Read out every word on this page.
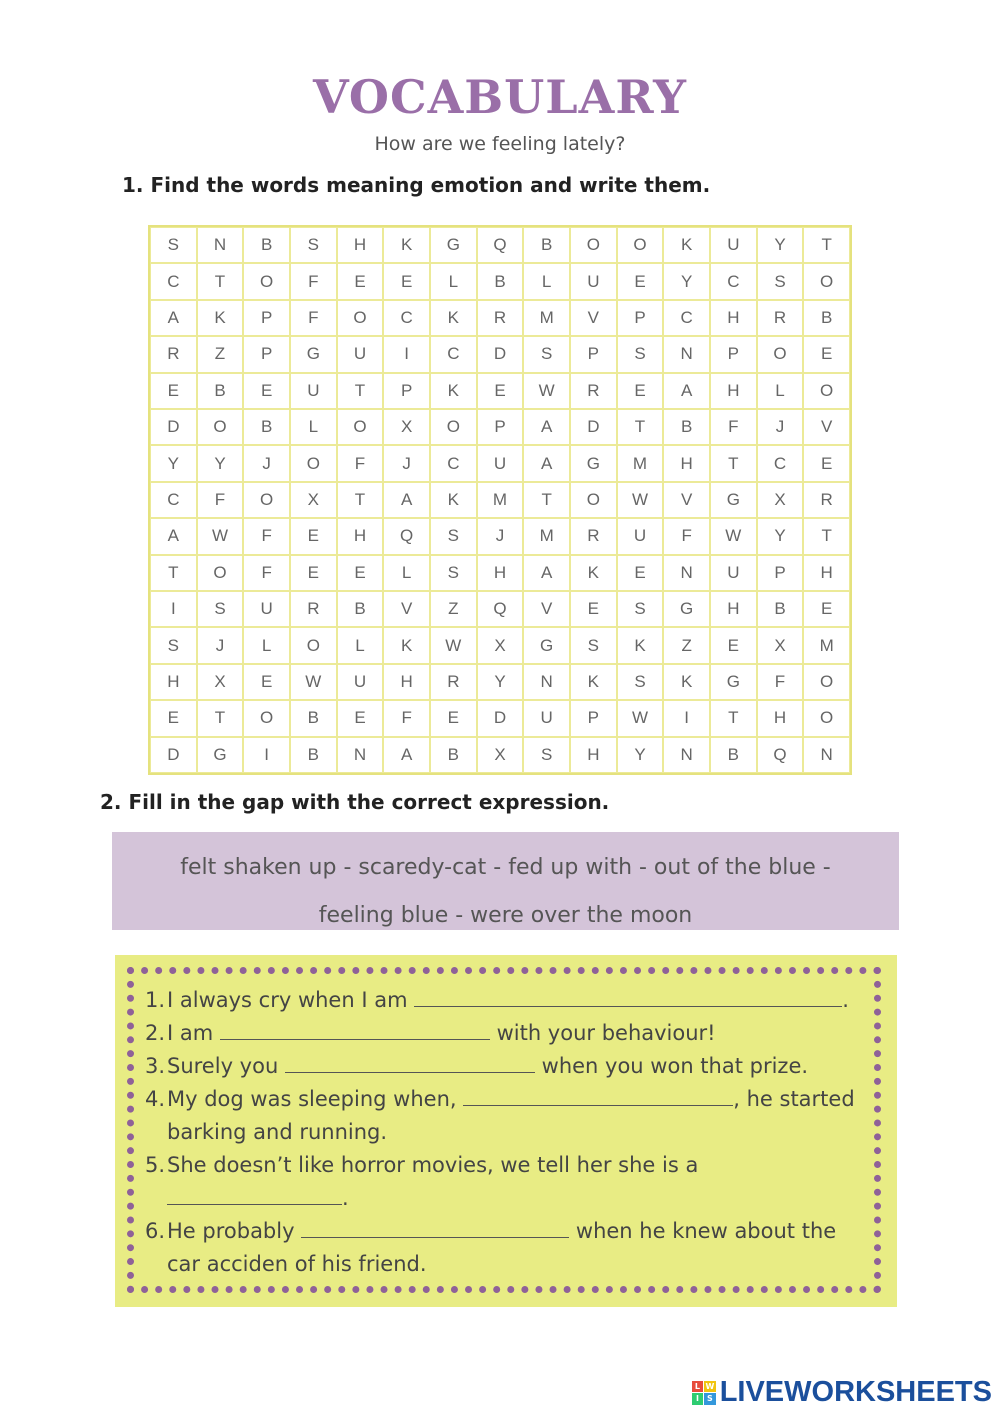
VOCABULARY
How are we feeling lately?
1. Find the words meaning emotion and write them.
S	N	B	S	H	K	G	Q	B	O	O	K	U	Y	T
C	T	O	F	E	E	L	B	L	U	E	Y	C	S	O
A	K	P	F	O	C	K	R	M	V	P	C	H	R	B
R	Z	P	G	U	I	C	D	S	P	S	N	P	O	E
E	B	E	U	T	P	K	E	W	R	E	A	H	L	O
D	O	B	L	O	X	O	P	A	D	T	B	F	J	V
Y	Y	J	O	F	J	C	U	A	G	M	H	T	C	E
C	F	O	X	T	A	K	M	T	O	W	V	G	X	R
A	W	F	E	H	Q	S	J	M	R	U	F	W	Y	T
T	O	F	E	E	L	S	H	A	K	E	N	U	P	H
I	S	U	R	B	V	Z	Q	V	E	S	G	H	B	E
S	J	L	O	L	K	W	X	G	S	K	Z	E	X	M
H	X	E	W	U	H	R	Y	N	K	S	K	G	F	O
E	T	O	B	E	F	E	D	U	P	W	I	T	H	O
D	G	I	B	N	A	B	X	S	H	Y	N	B	Q	N
2. Fill in the gap with the correct expression.
felt shaken up - scaredy-cat - fed up with - out of the blue -
feeling blue - were over the moon
1. I always cry when I am	.
2. I am	with your behaviour!
3. Surely you	when you won that prize.
4. My dog was sleeping when,	, he started barking and running.
5. She doesn’t like horror movies, we tell her she is a
.
6. He probably	when he knew about the car acciden of his friend.
L W
I	S LIVEWORKSHEETS
